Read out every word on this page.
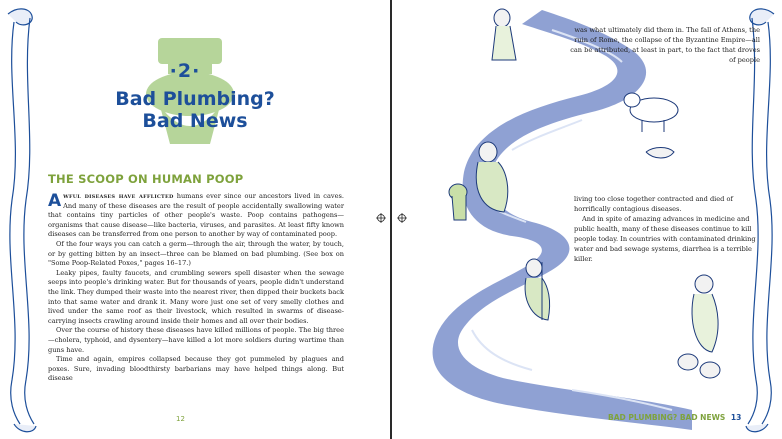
·2·
Bad Plumbing?
Bad News
THE SCOOP ON HUMAN POOP

Awful diseases have afflicted humans ever since our ancestors lived in caves. And many of these diseases are the result of people accidentally swallowing water that contains tiny particles of other people's waste. Poop contains pathogens—organisms that cause disease—like bacteria, viruses, and parasites. At least fifty known diseases can be transferred from one person to another by way of contaminated poop.

Of the four ways you can catch a germ—through the air, through the water, by touch, or by getting bitten by an insect—three can be blamed on bad plumbing. (See box on "Some Poop-Related Poxes," pages 16–17.)

Leaky pipes, faulty faucets, and crumbling sewers spell disaster when the sewage seeps into people's drinking water. But for thousands of years, people didn't understand the link. They dumped their waste into the nearest river, then dipped their buckets back into that same water and drank it. Many wore just one set of very smelly clothes and lived under the same roof as their livestock, which resulted in swarms of disease-carrying insects crawling around inside their homes and all over their bodies.

Over the course of history these diseases have killed millions of people. The big three—cholera, typhoid, and dysentery—have killed a lot more soldiers during wartime than guns have.

Time and again, empires collapsed because they got pummeled by plagues and poxes. Sure, invading bloodthirsty barbarians may have helped things along. But disease

12
was what ultimately did them in. The fall of Athens, the ruin of Rome, the collapse of the Byzantine Empire—all can be attributed, at least in part, to the fact that droves of people

living too close together contracted and died of horrifically contagious diseases.

And in spite of amazing advances in medicine and public health, many of these diseases continue to kill people today. In countries with contaminated drinking water and bad sewage systems, diarrhea is a terrible killer.

BAD PLUMBING? BAD NEWS 13
